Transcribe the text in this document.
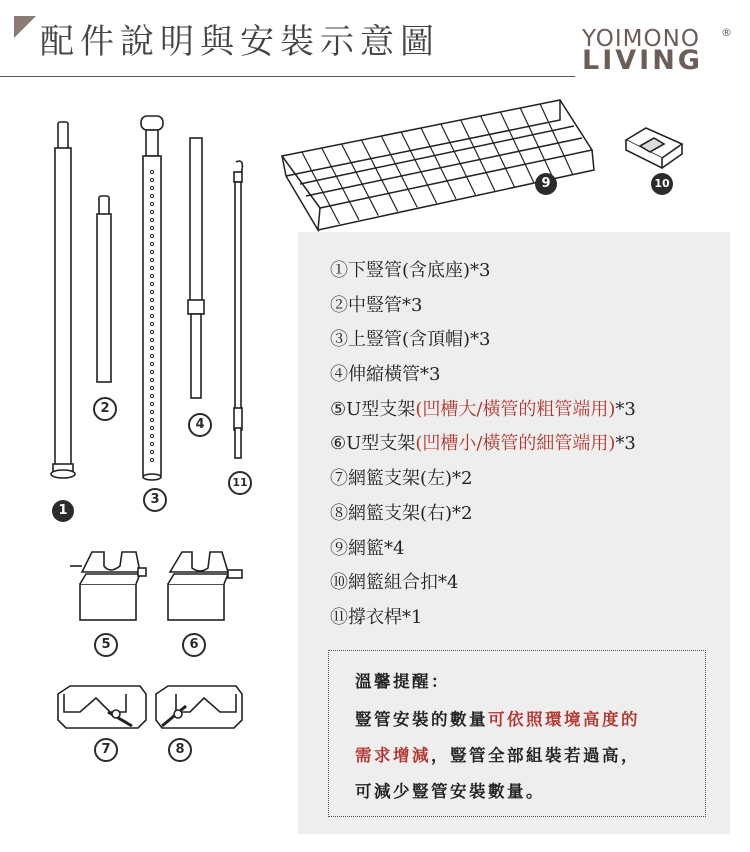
配件說明與安裝示意圖	YOIMONO
LIVING
®
1
2
3
4
5	6
7	8
9	10
11
①下豎管(含底座)*3
②中豎管*3
③上豎管(含頂帽)*3
④伸縮橫管*3
⑤U型支架(凹槽大/橫管的粗管端用)*3
⑥U型支架(凹槽小/橫管的細管端用)*3
⑦網籃支架(左)*2
⑧網籃支架(右)*2
⑨網籃*4
⑩網籃組合扣*4
⑪撐衣桿*1
溫馨提醒：
豎管安裝的數量可依照環境高度的
需求增減，豎管全部組裝若過高，
可減少豎管安裝數量。
